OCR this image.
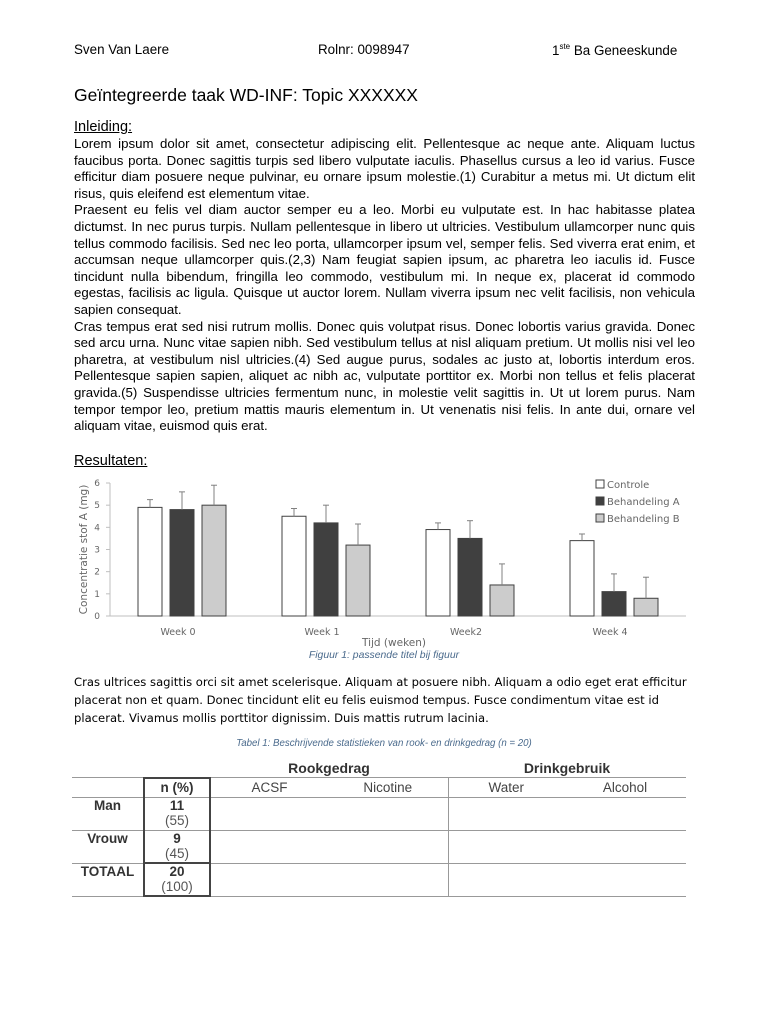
Sven Van Laere	Rolnr: 0098947	1ste Ba Geneeskunde
Geïntegreerde taak WD-INF: Topic XXXXXX
Inleiding:

Lorem ipsum dolor sit amet, consectetur adipiscing elit. Pellentesque ac neque ante. Aliquam luctus faucibus porta. Donec sagittis turpis sed libero vulputate iaculis. Phasellus cursus a leo id varius. Fusce efficitur diam posuere neque pulvinar, eu ornare ipsum molestie.(1) Curabitur a metus mi. Ut dictum elit risus, quis eleifend est elementum vitae.

Praesent eu felis vel diam auctor semper eu a leo. Morbi eu vulputate est. In hac habitasse platea dictumst. In nec purus turpis. Nullam pellentesque in libero ut ultricies. Vestibulum ullamcorper nunc quis tellus commodo facilisis. Sed nec leo porta, ullamcorper ipsum vel, semper felis. Sed viverra erat enim, et accumsan neque ullamcorper quis.(2,3) Nam feugiat sapien ipsum, ac pharetra leo iaculis id. Fusce tincidunt nulla bibendum, fringilla leo commodo, vestibulum mi. In neque ex, placerat id commodo egestas, facilisis ac ligula. Quisque ut auctor lorem. Nullam viverra ipsum nec velit facilisis, non vehicula sapien consequat.

Cras tempus erat sed nisi rutrum mollis. Donec quis volutpat risus. Donec lobortis varius gravida. Donec sed arcu urna. Nunc vitae sapien nibh. Sed vestibulum tellus at nisl aliquam pretium. Ut mollis nisi vel leo pharetra, at vestibulum nisl ultricies.(4) Sed augue purus, sodales ac justo at, lobortis interdum eros. Pellentesque sapien sapien, aliquet ac nibh ac, vulputate porttitor ex. Morbi non tellus et felis placerat gravida.(5) Suspendisse ultricies fermentum nunc, in molestie velit sagittis in. Ut ut lorem purus. Nam tempor tempor leo, pretium mattis mauris elementum in. Ut venenatis nisi felis. In ante dui, ornare vel aliquam vitae, euismod quis erat.

Resultaten:
0
1
2
3
4
5
6
Concentratie stof A (mg)
Week 0	Week 1	Week2	Week 4
Tijd (weken)
Controle
Behandeling A
Behandeling B
Figuur 1: passende titel bij figuur
Cras ultrices sagittis orci sit amet scelerisque. Aliquam at posuere nibh. Aliquam a odio eget erat efficitur placerat non et quam. Donec tincidunt elit eu felis euismod tempus. Fusce condimentum vitae est id placerat. Vivamus mollis porttitor dignissim. Duis mattis rutrum lacinia.
Tabel 1: Beschrijvende statistieken van rook- en drinkgedrag (n = 20)
		Rookgedrag		Drinkgebruik	
	n (%)	ACSF	Nicotine	Water	Alcohol
Man	11
(55)				

Vrouw	9
(45)				

TOTAAL	20
(100)				
